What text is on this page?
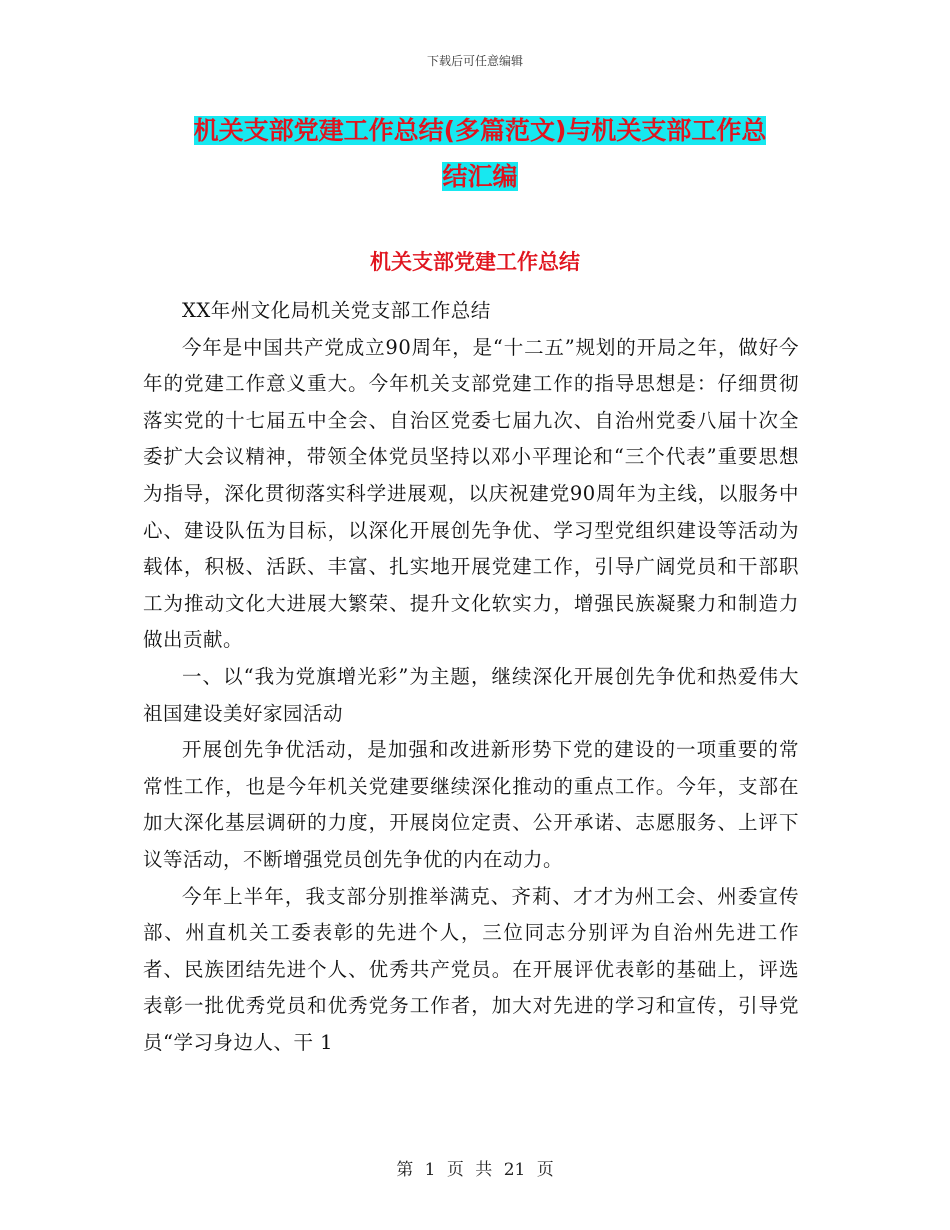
下载后可任意编辑
机关支部党建工作总结(多篇范文)与机关支部工作总
结汇编
机关支部党建工作总结

XX年州文化局机关党支部工作总结

今年是中国共产党成立90周年，是“十二五”规划的开局之年，做好今年的党建工作意义重大。今年机关支部党建工作的指导思想是：仔细贯彻落实党的十七届五中全会、自治区党委七届九次、自治州党委八届十次全委扩大会议精神，带领全体党员坚持以邓小平理论和“三个代表”重要思想为指导，深化贯彻落实科学进展观，以庆祝建党90周年为主线，以服务中心、建设队伍为目标，以深化开展创先争优、学习型党组织建设等活动为载体，积极、活跃、丰富、扎实地开展党建工作，引导广阔党员和干部职工为推动文化大进展大繁荣、提升文化软实力，增强民族凝聚力和制造力做出贡献。

一、以“我为党旗增光彩”为主题，继续深化开展创先争优和热爱伟大祖国建设美好家园活动

开展创先争优活动，是加强和改进新形势下党的建设的一项重要的常常性工作，也是今年机关党建要继续深化推动的重点工作。今年，支部在加大深化基层调研的力度，开展岗位定责、公开承诺、志愿服务、上评下议等活动，不断增强党员创先争优的内在动力。

今年上半年，我支部分别推举满克、齐莉、才才为州工会、州委宣传部、州直机关工委表彰的先进个人，三位同志分别评为自治州先进工作者、民族团结先进个人、优秀共产党员。在开展评优表彰的基础上，评选表彰一批优秀党员和优秀党务工作者，加大对先进的学习和宣传，引导党员“学习身边人、干 1

第 1 页 共 21 页
